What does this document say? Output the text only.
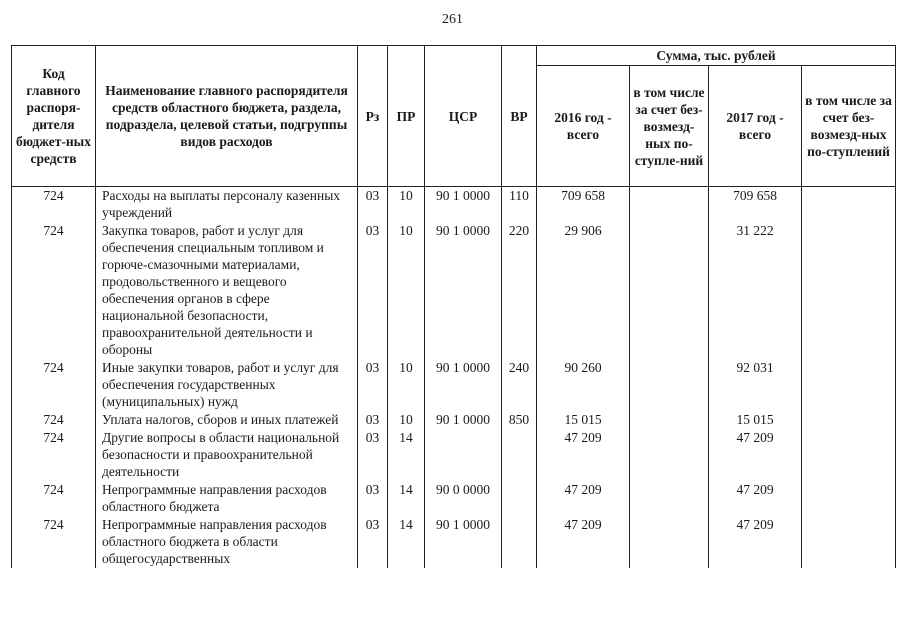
261
Код главного распоря-дителя бюджет-ных средств	Наименование главного распорядителя средств областного бюджета, раздела, подраздела, целевой статьи, подгруппы видов расходов	Рз	ПР	ЦСР	ВР	Сумма, тыс. рублей			
						2016 год - всего	в том числе за счет без-возмезд-ных по-ступле-ний	2017 год - всего	в том числе за счет без-возмезд-ных по-ступлений
724	Расходы на выплаты персоналу казенных учреждений	03	10	90 1 0000	110	709 658		709 658	
724	Закупка товаров, работ и услуг для обеспечения специальным топливом и горюче-смазочными материалами, продовольственного и вещевого обеспечения органов в сфере национальной безопасности, правоохранительной деятельности и обороны	03	10	90 1 0000	220	29 906		31 222	
724	Иные закупки товаров, работ и услуг для обеспечения государственных (муниципальных) нужд	03	10	90 1 0000	240	90 260		92 031	
724	Уплата налогов, сборов и иных платежей	03	10	90 1 0000	850	15 015		15 015	
724	Другие вопросы в области национальной безопасности и правоохранительной деятельности	03	14			47 209		47 209	
724	Непрограммные направления расходов областного бюджета	03	14	90 0 0000		47 209		47 209	
724	Непрограммные направления расходов областного бюджета в области общегосударственных	03	14	90 1 0000		47 209		47 209	
